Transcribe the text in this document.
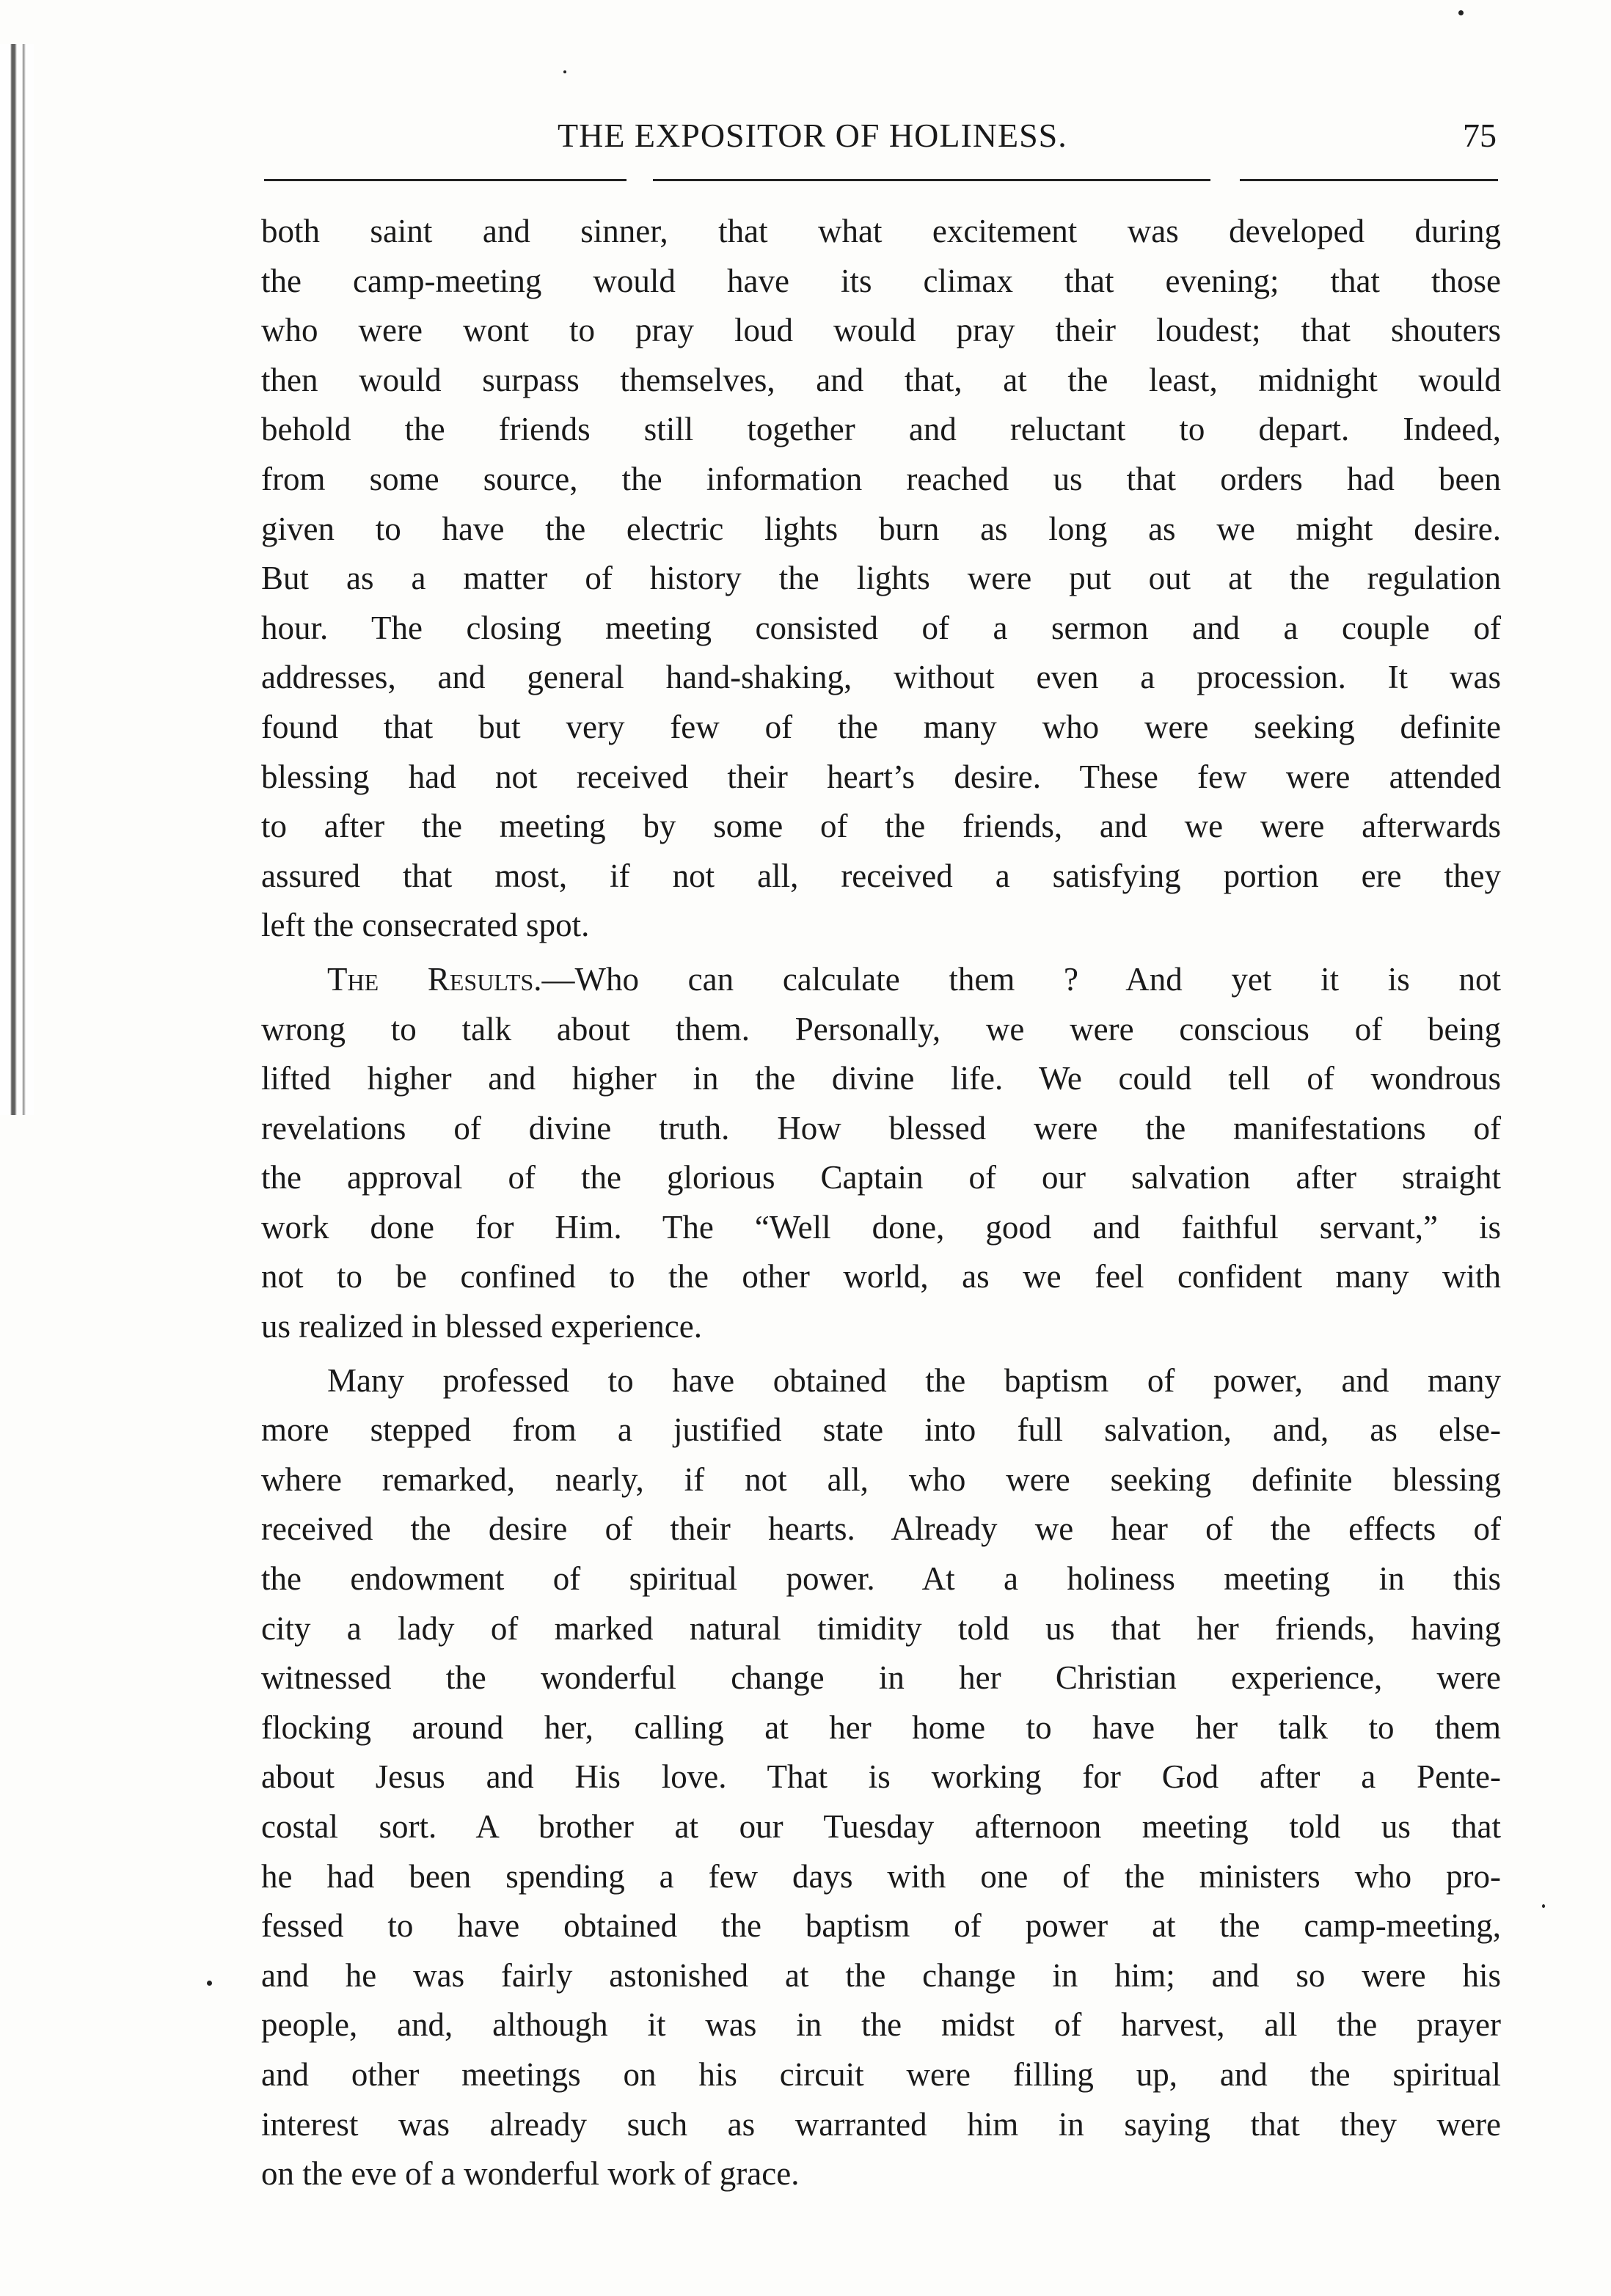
THE EXPOSITOR OF HOLINESS.	75
both saint and sinner, that what excitement was developed during
the camp-meeting would have its climax that evening; that those
who were wont to pray loud would pray their loudest; that shouters
then would surpass themselves, and that, at the least, midnight would
behold the friends still together and reluctant to depart. Indeed,
from some source, the information reached us that orders had been
given to have the electric lights burn as long as we might desire.
But as a matter of history the lights were put out at the regulation
hour. The closing meeting consisted of a sermon and a couple of
addresses, and general hand-shaking, without even a procession. It was
found that but very few of the many who were seeking definite
blessing had not received their heart’s desire. These few were attended
to after the meeting by some of the friends, and we were afterwards
assured that most, if not all, received a satisfying portion ere they
left the consecrated spot.
The Results.—Who can calculate them ? And yet it is not
wrong to talk about them. Personally, we were conscious of being
lifted higher and higher in the divine life. We could tell of wondrous
revelations of divine truth. How blessed were the manifestations of
the approval of the glorious Captain of our salvation after straight
work done for Him. The “Well done, good and faithful servant,” is
not to be confined to the other world, as we feel confident many with
us realized in blessed experience.
Many professed to have obtained the baptism of power, and many
more stepped from a justified state into full salvation, and, as else-
where remarked, nearly, if not all, who were seeking definite blessing
received the desire of their hearts. Already we hear of the effects of
the endowment of spiritual power. At a holiness meeting in this
city a lady of marked natural timidity told us that her friends, having
witnessed the wonderful change in her Christian experience, were
flocking around her, calling at her home to have her talk to them
about Jesus and His love. That is working for God after a Pente-
costal sort. A brother at our Tuesday afternoon meeting told us that
he had been spending a few days with one of the ministers who pro-
fessed to have obtained the baptism of power at the camp-meeting,
and he was fairly astonished at the change in him; and so were his
people, and, although it was in the midst of harvest, all the prayer
and other meetings on his circuit were filling up, and the spiritual
interest was already such as warranted him in saying that they were
on the eve of a wonderful work of grace.
